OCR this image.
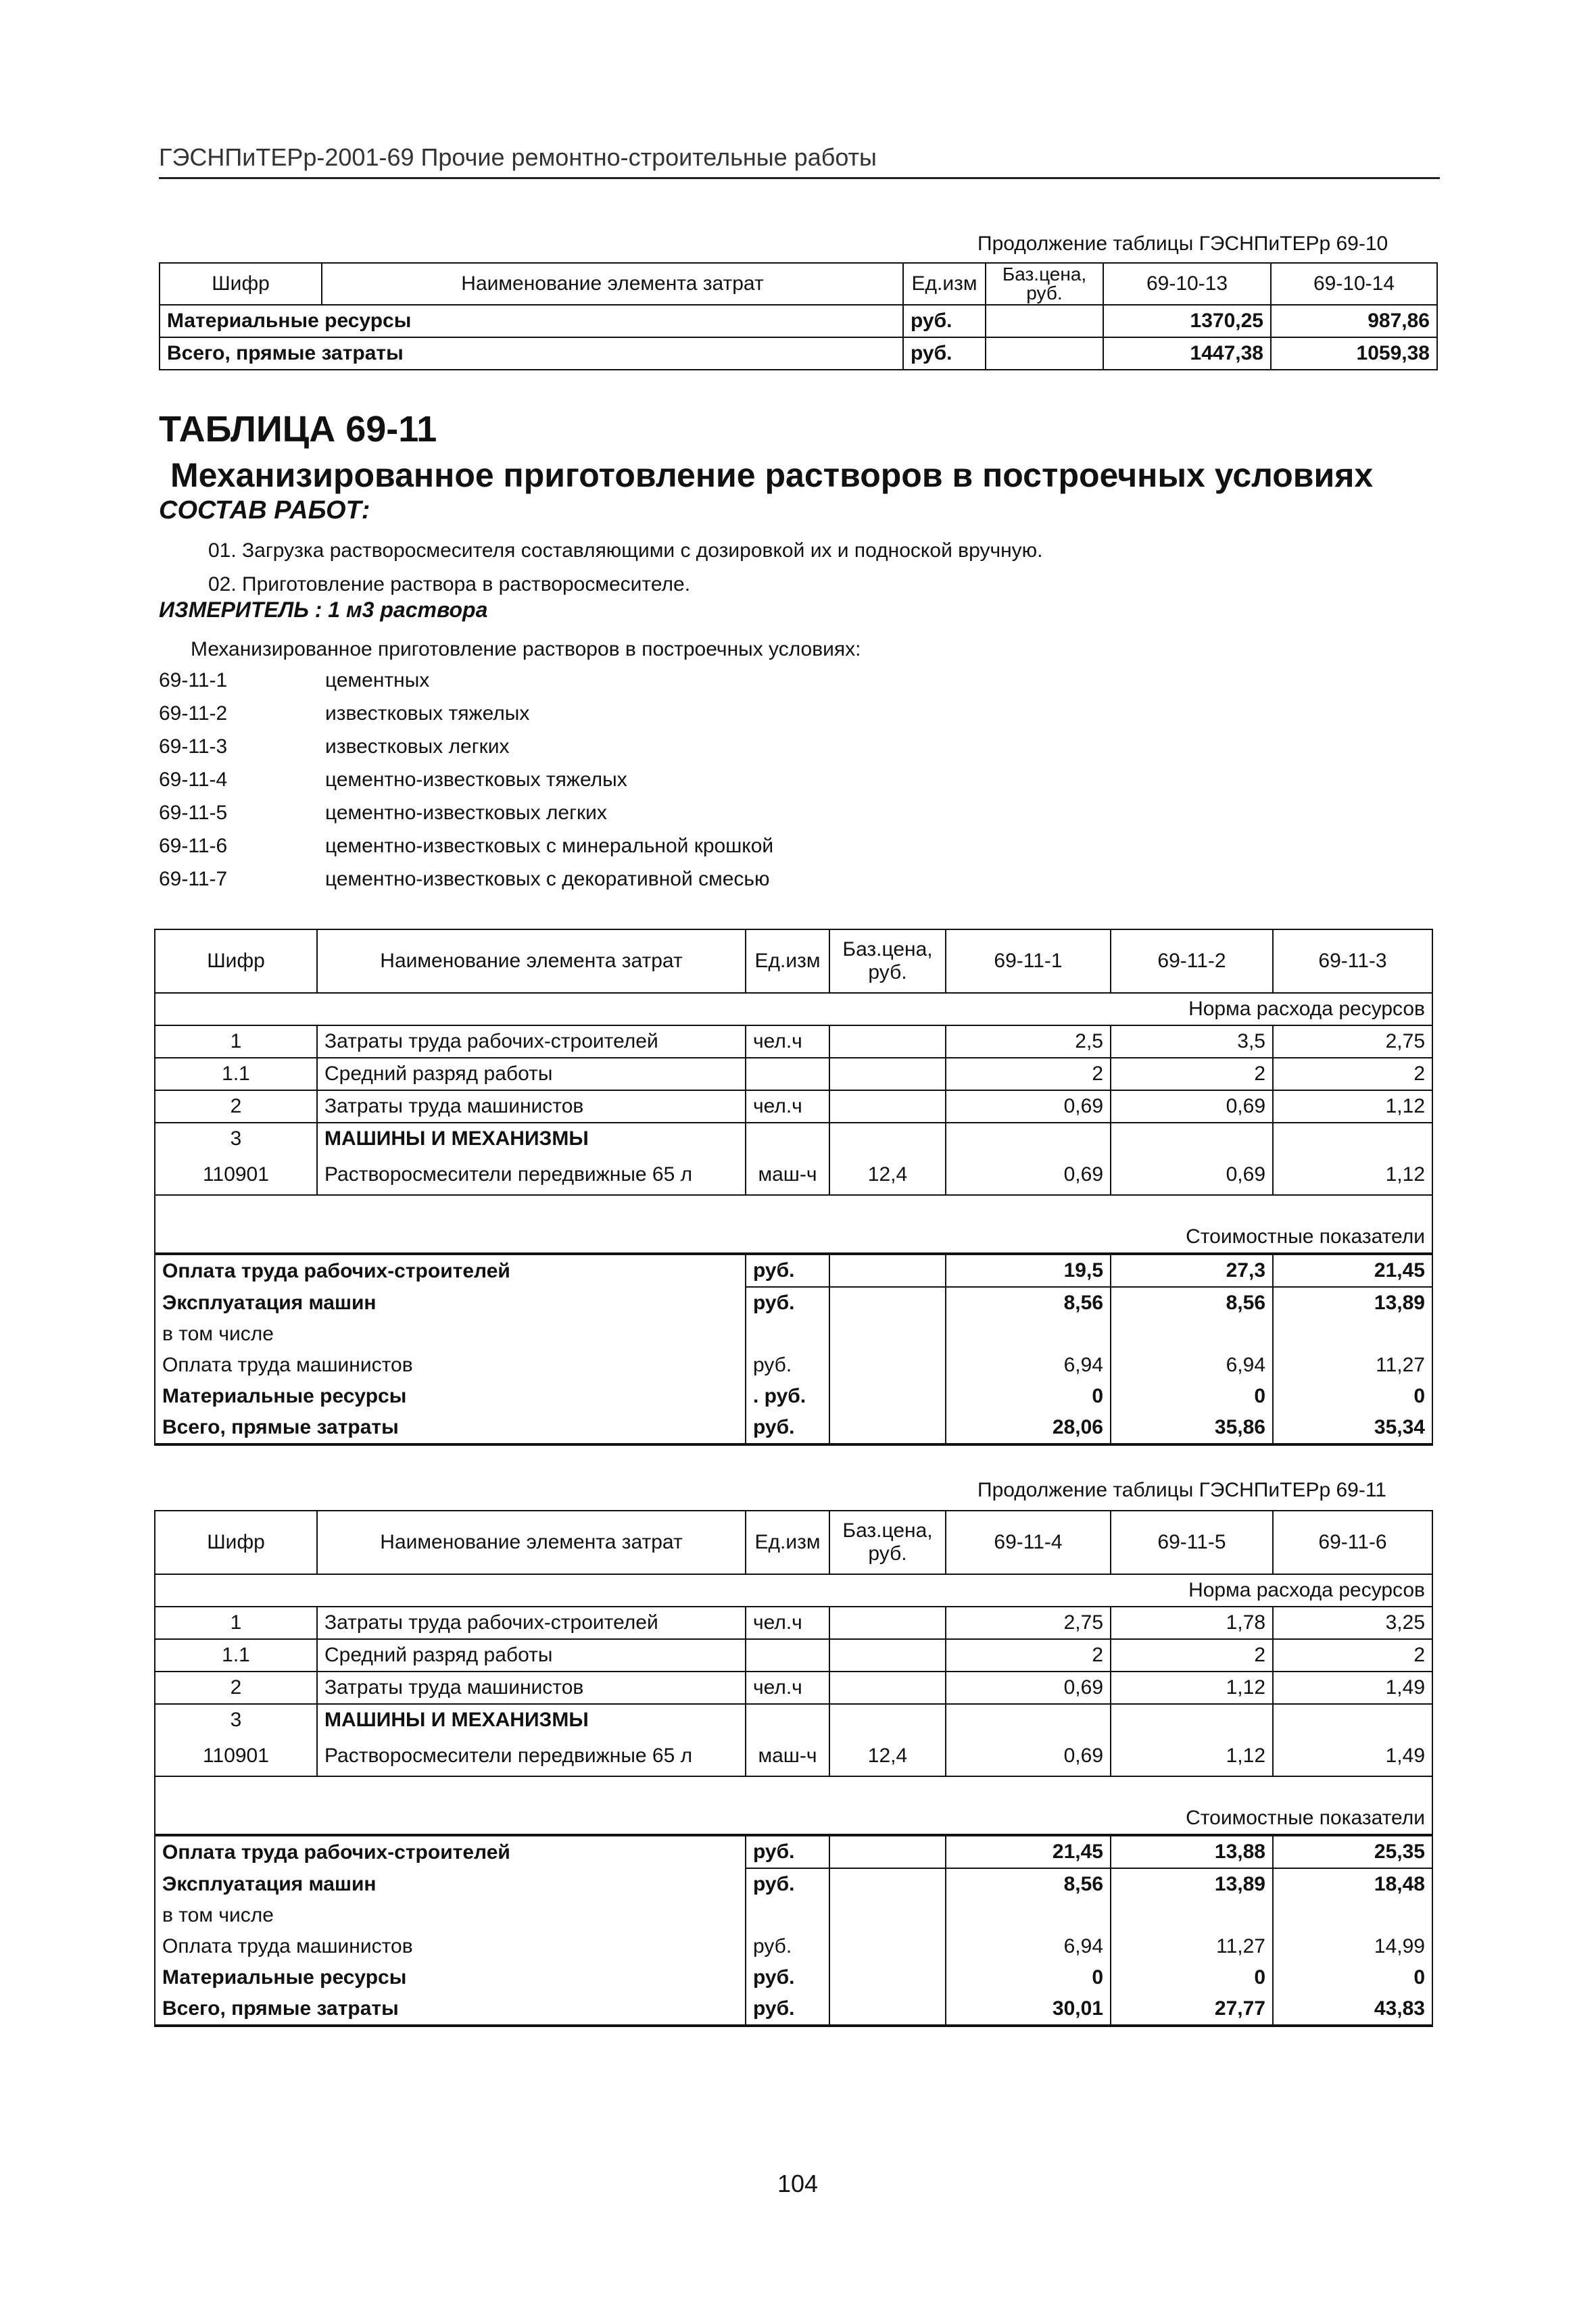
ГЭСНПиТЕРр-2001-69 Прочие ремонтно-строительные работы
Продолжение таблицы ГЭСНПиТЕРр 69-10
Шифр	Наименование элемента затрат	Ед.изм	Баз.цена, руб.	69-10-13	69-10-14	
Материальные ресурсы		руб.		1370,25	987,86	
Всего, прямые затраты		руб.		1447,38	1059,38	
ТАБЛИЦА 69-11
Механизированное приготовление растворов в построечных условиях
СОСТАВ РАБОТ:
01. Загрузка растворосмесителя составляющими с дозировкой их и подноской вручную.
02. Приготовление раствора в растворосмесителе.
ИЗМЕРИТЕЛЬ : 1 м3 раствора
Механизированное приготовление растворов в построечных условиях:
69-11-1	цементных
69-11-2	известковых тяжелых
69-11-3	известковых легких
69-11-4	цементно-известковых тяжелых
69-11-5	цементно-известковых легких
69-11-6	цементно-известковых с минеральной крошкой
69-11-7	цементно-известковых с декоративной смесью
Шифр	Наименование элемента затрат	Ед.изм	Баз.цена, руб.	69-11-1	69-11-2	69-11-3
Норма расхода ресурсов						
1	Затраты труда рабочих-строителей	чел.ч		2,5	3,5	2,75
1.1	Средний разряд работы			2	2	2
2	Затраты труда машинистов	чел.ч		0,69	0,69	1,12
3	МАШИНЫ И МЕХАНИЗМЫ					
110901	Растворосмесители передвижные 65 л	маш-ч	12,4	0,69	0,69	1,12

Стоимостные показатели						
Оплата труда рабочих-строителей		руб.		19,5	27,3	21,45
Эксплуатация машин		руб.		8,56	8,56	13,89
в том числе						
Оплата труда машинистов		руб.		6,94	6,94	11,27
Материальные ресурсы		. руб.		0	0	0
Всего, прямые затраты		руб.		28,06	35,86	35,34
Продолжение таблицы ГЭСНПиТЕРр 69-11
Шифр	Наименование элемента затрат	Ед.изм	Баз.цена, руб.	69-11-4	69-11-5	69-11-6
Норма расхода ресурсов						
1	Затраты труда рабочих-строителей	чел.ч		2,75	1,78	3,25
1.1	Средний разряд работы			2	2	2
2	Затраты труда машинистов	чел.ч		0,69	1,12	1,49
3	МАШИНЫ И МЕХАНИЗМЫ					
110901	Растворосмесители передвижные 65 л	маш-ч	12,4	0,69	1,12	1,49

Стоимостные показатели						
Оплата труда рабочих-строителей		руб.		21,45	13,88	25,35
Эксплуатация машин		руб.		8,56	13,89	18,48
в том числе						
Оплата труда машинистов		руб.		6,94	11,27	14,99
Материальные ресурсы		руб.		0	0	0
Всего, прямые затраты		руб.		30,01	27,77	43,83
104
